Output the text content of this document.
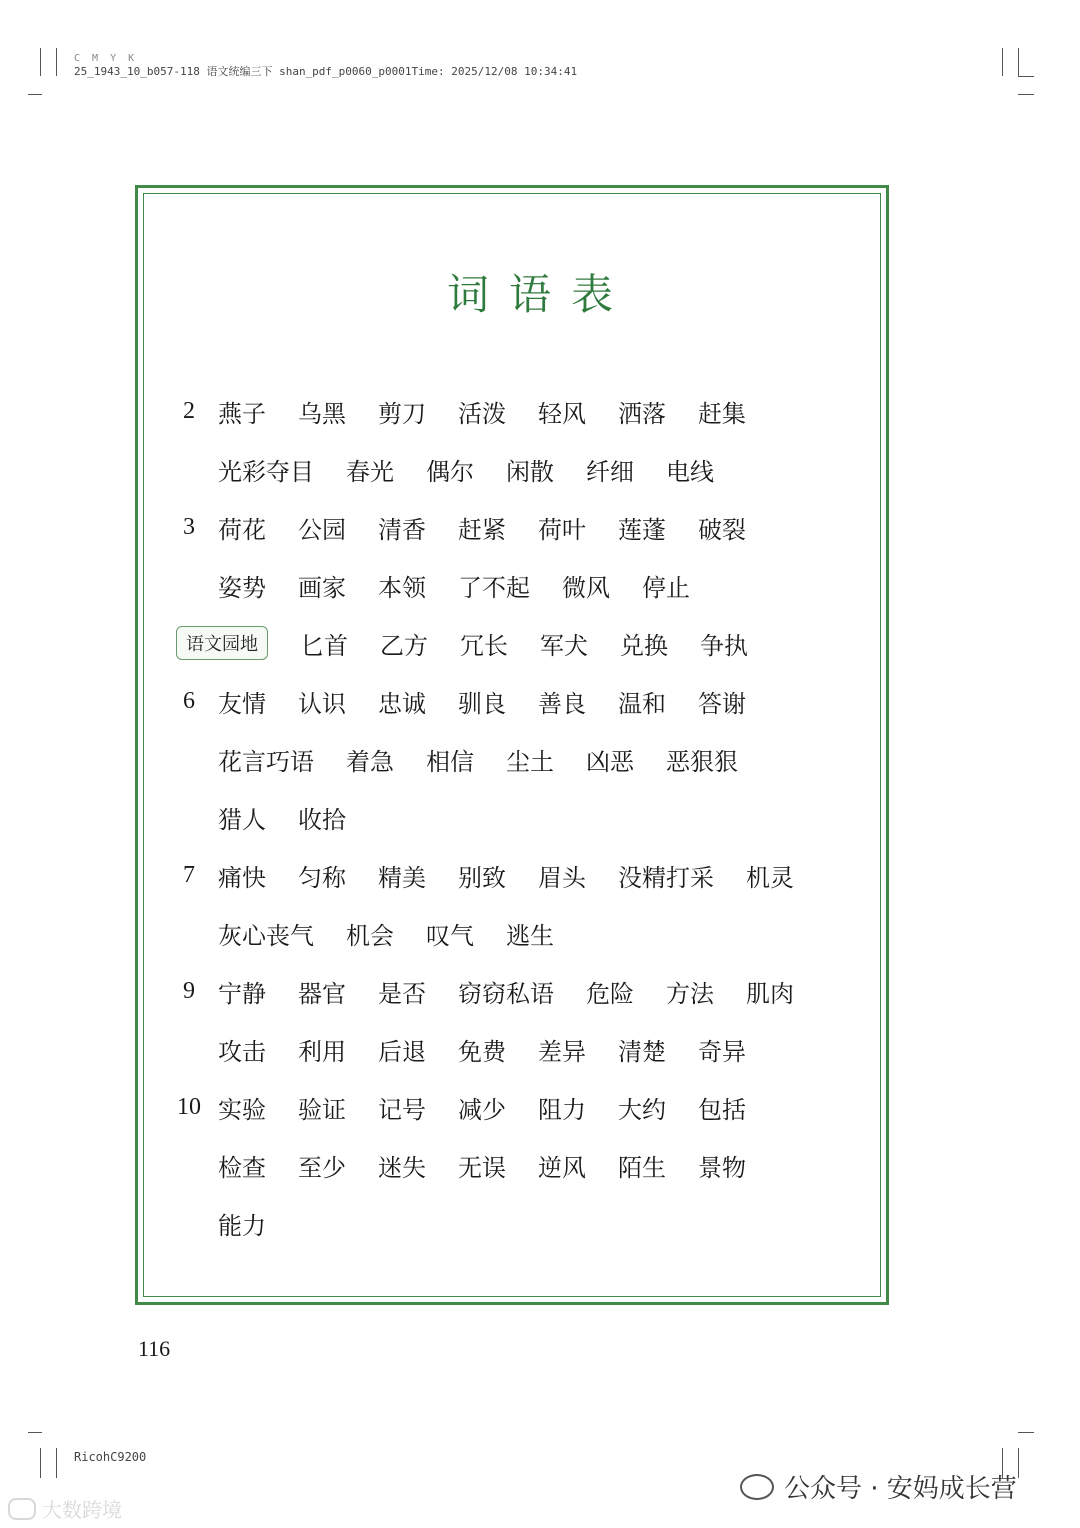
C M Y K
25_1943_10_b057-118 语文统编三下 shan_pdf_p0060_p0001Time: 2025/12/08 10:34:41
词语表
2 燕子 乌黑 剪刀 活泼 轻风 洒落 赶集
光彩夺目 春光 偶尔 闲散 纤细 电线
3 荷花 公园 清香 赶紧 荷叶 莲蓬 破裂
姿势 画家 本领 了不起 微风 停止
语文园地	匕首 乙方 冗长 军犬 兑换 争执
6 友情 认识 忠诚 驯良 善良 温和 答谢
花言巧语 着急 相信 尘土 凶恶 恶狠狠
猎人 收拾
7 痛快 匀称 精美 别致 眉头 没精打采 机灵
灰心丧气 机会 叹气 逃生
9 宁静 器官 是否 窃窃私语 危险 方法 肌肉
攻击 利用 后退 免费 差异 清楚 奇异
10 实验 验证 记号 减少 阻力 大约 包括
检查 至少 迷失 无误 逆风 陌生 景物
能力
116
RicohC9200
公众号 · 安妈成长营
大数跨境
